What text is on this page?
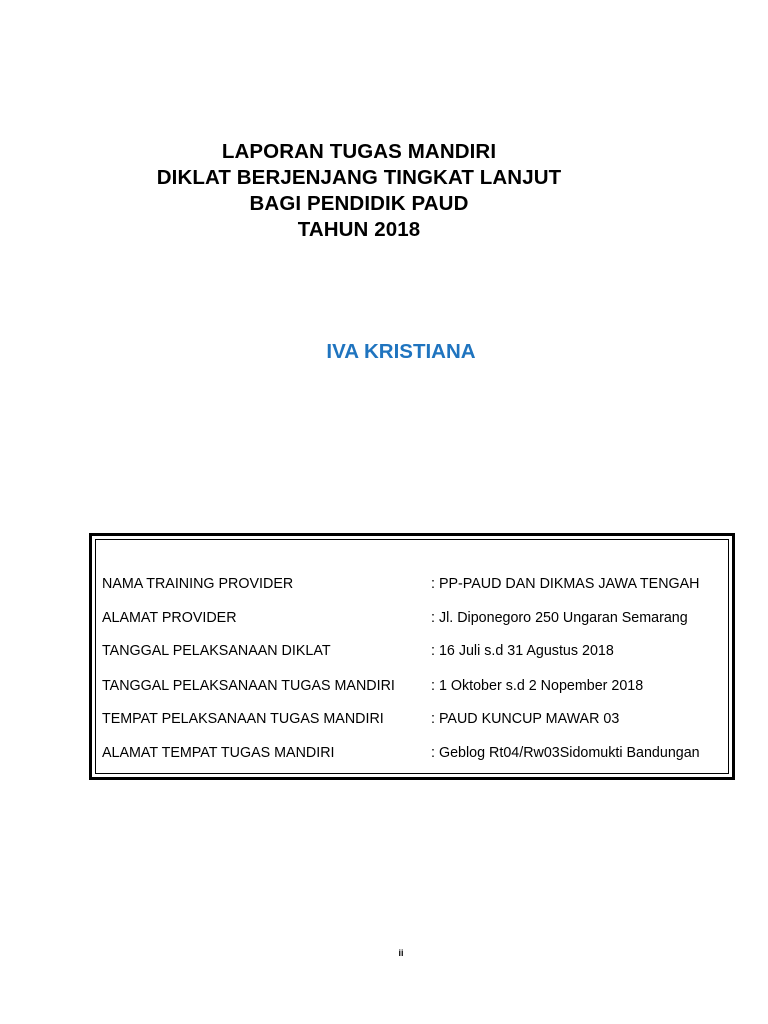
LAPORAN TUGAS MANDIRI
DIKLAT BERJENJANG TINGKAT LANJUT
BAGI PENDIDIK PAUD
TAHUN 2018
IVA KRISTIANA
NAMA TRAINING PROVIDER	: PP-PAUD DAN DIKMAS JAWA TENGAH
ALAMAT PROVIDER	: Jl. Diponegoro 250 Ungaran Semarang
TANGGAL PELAKSANAAN DIKLAT	: 16 Juli s.d 31 Agustus 2018
TANGGAL PELAKSANAAN TUGAS MANDIRI	: 1 Oktober s.d 2 Nopember 2018
TEMPAT PELAKSANAAN TUGAS MANDIRI	: PAUD KUNCUP MAWAR 03
ALAMAT TEMPAT TUGAS MANDIRI	: Geblog Rt04/Rw03Sidomukti Bandungan
ii
